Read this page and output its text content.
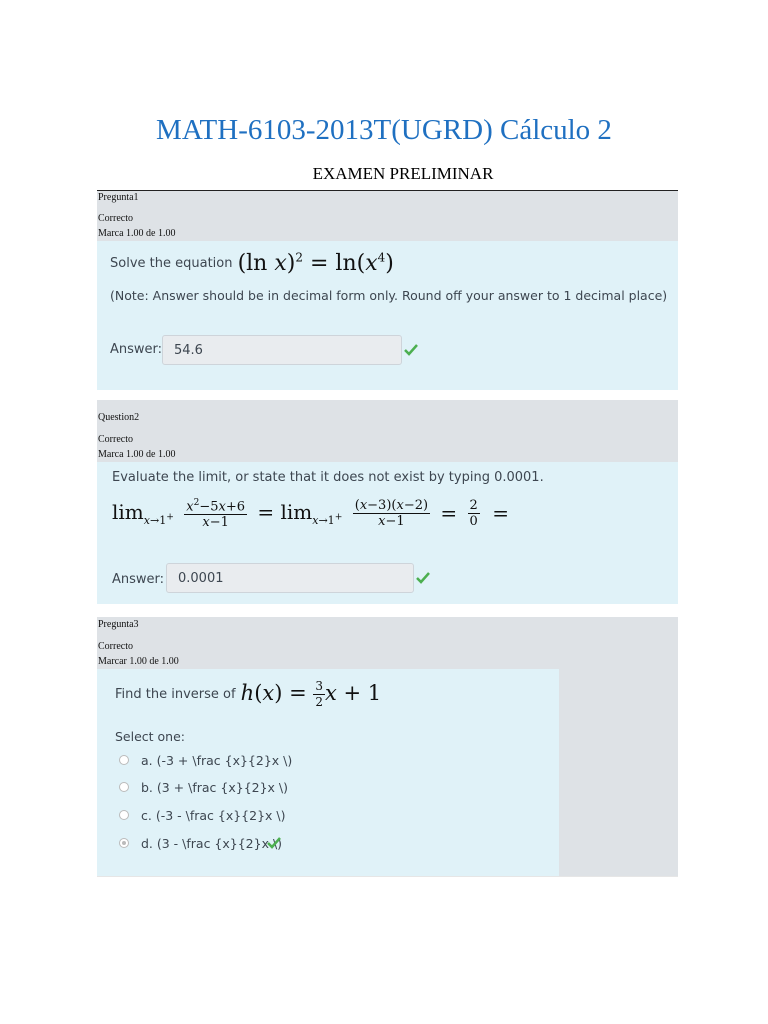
MATH-6103-2013T(UGRD) Cálculo 2
EXAMEN PRELIMINAR
Pregunta1
Correcto
Marca 1.00 de 1.00
Solve the equation (ln $x)^2 = \ln(x^4)$
(Note: Answer should be in decimal form only. Round off your answer to 1 decimal place)
Answer: 54.6
Question2
Correcto
Marca 1.00 de 1.00
Evaluate the limit, or state that it does not exist by typing 0.0001.
$\lim_{x\to 1^+} \frac{x^2-5x+6}{x-1} = \lim_{x\to 1^+} \frac{(x-3)(x-2)}{x-1} = \frac{2}{0}$ =
Answer:	0.0001
Pregunta3
Correcto
Marcar 1.00 de 1.00
Find the inverse of $h(x) = \frac{3}{2}$ x + 1
Select one:
a. (-3 + \frac {x}{2}x \)
b. (3 + \frac {x}{2}x \)
c. (-3 - \frac {x}{2}x \)
d. (3 - \frac {x}{2}x \)
